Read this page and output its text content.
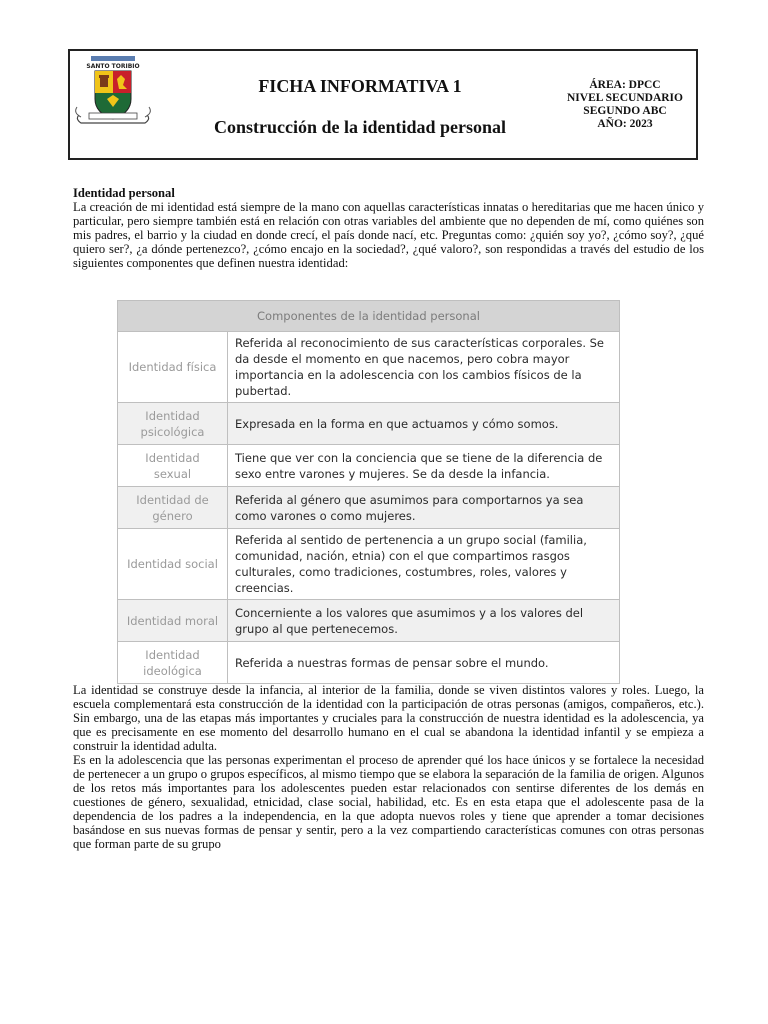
SANTO TORIBIO
FICHA INFORMATIVA 1
Construcción de la identidad personal
ÁREA: DPCC
NIVEL SECUNDARIO
SEGUNDO ABC
AÑO: 2023

Identidad personal

La creación de mi identidad está siempre de la mano con aquellas características innatas o hereditarias que me hacen único y particular, pero siempre también está en relación con otras variables del ambiente que no dependen de mí, como quiénes son mis padres, el barrio y la ciudad en donde crecí, el país donde nací, etc. Preguntas como: ¿quién soy yo?, ¿cómo soy?, ¿qué quiero ser?, ¿a dónde pertenezco?, ¿cómo encajo en la sociedad?, ¿qué valoro?, son respondidas a través del estudio de los siguientes componentes que definen nuestra identidad:

Componentes de la identidad personal	
Identidad física	Referida al reconocimiento de sus características corporales. Se da desde el momento en que nacemos, pero cobra mayor importancia en la adolescencia con los cambios físicos de la pubertad.
Identidad psicológica	Expresada en la forma en que actuamos y cómo somos.
Identidad sexual	Tiene que ver con la conciencia que se tiene de la diferencia de sexo entre varones y mujeres. Se da desde la infancia.
Identidad de género	Referida al género que asumimos para comportarnos ya sea como varones o como mujeres.
Identidad social	Referida al sentido de pertenencia a un grupo social (familia, comunidad, nación, etnia) con el que compartimos rasgos culturales, como tradiciones, costumbres, roles, valores y creencias.
Identidad moral	Concerniente a los valores que asumimos y a los valores del grupo al que pertenecemos.
Identidad ideológica	Referida a nuestras formas de pensar sobre el mundo.

La identidad se construye desde la infancia, al interior de la familia, donde se viven distintos valores y roles. Luego, la escuela complementará esta construcción de la identidad con la participación de otras personas (amigos, compañeros, etc.). Sin embargo, una de las etapas más importantes y cruciales para la construcción de nuestra identidad es la adolescencia, ya que es precisamente en ese momento del desarrollo humano en el cual se abandona la identidad infantil y se empieza a construir la identidad adulta.

Es en la adolescencia que las personas experimentan el proceso de aprender qué los hace únicos y se fortalece la necesidad de pertenecer a un grupo o grupos específicos, al mismo tiempo que se elabora la separación de la familia de origen. Algunos de los retos más importantes para los adolescentes pueden estar relacionados con sentirse diferentes de los demás en cuestiones de género, sexualidad, etnicidad, clase social, habilidad, etc. Es en esta etapa que el adolescente pasa de la dependencia de los padres a la independencia, en la que adopta nuevos roles y tiene que aprender a tomar decisiones basándose en sus nuevas formas de pensar y sentir, pero a la vez compartiendo características comunes con otras personas que forman parte de su grupo
